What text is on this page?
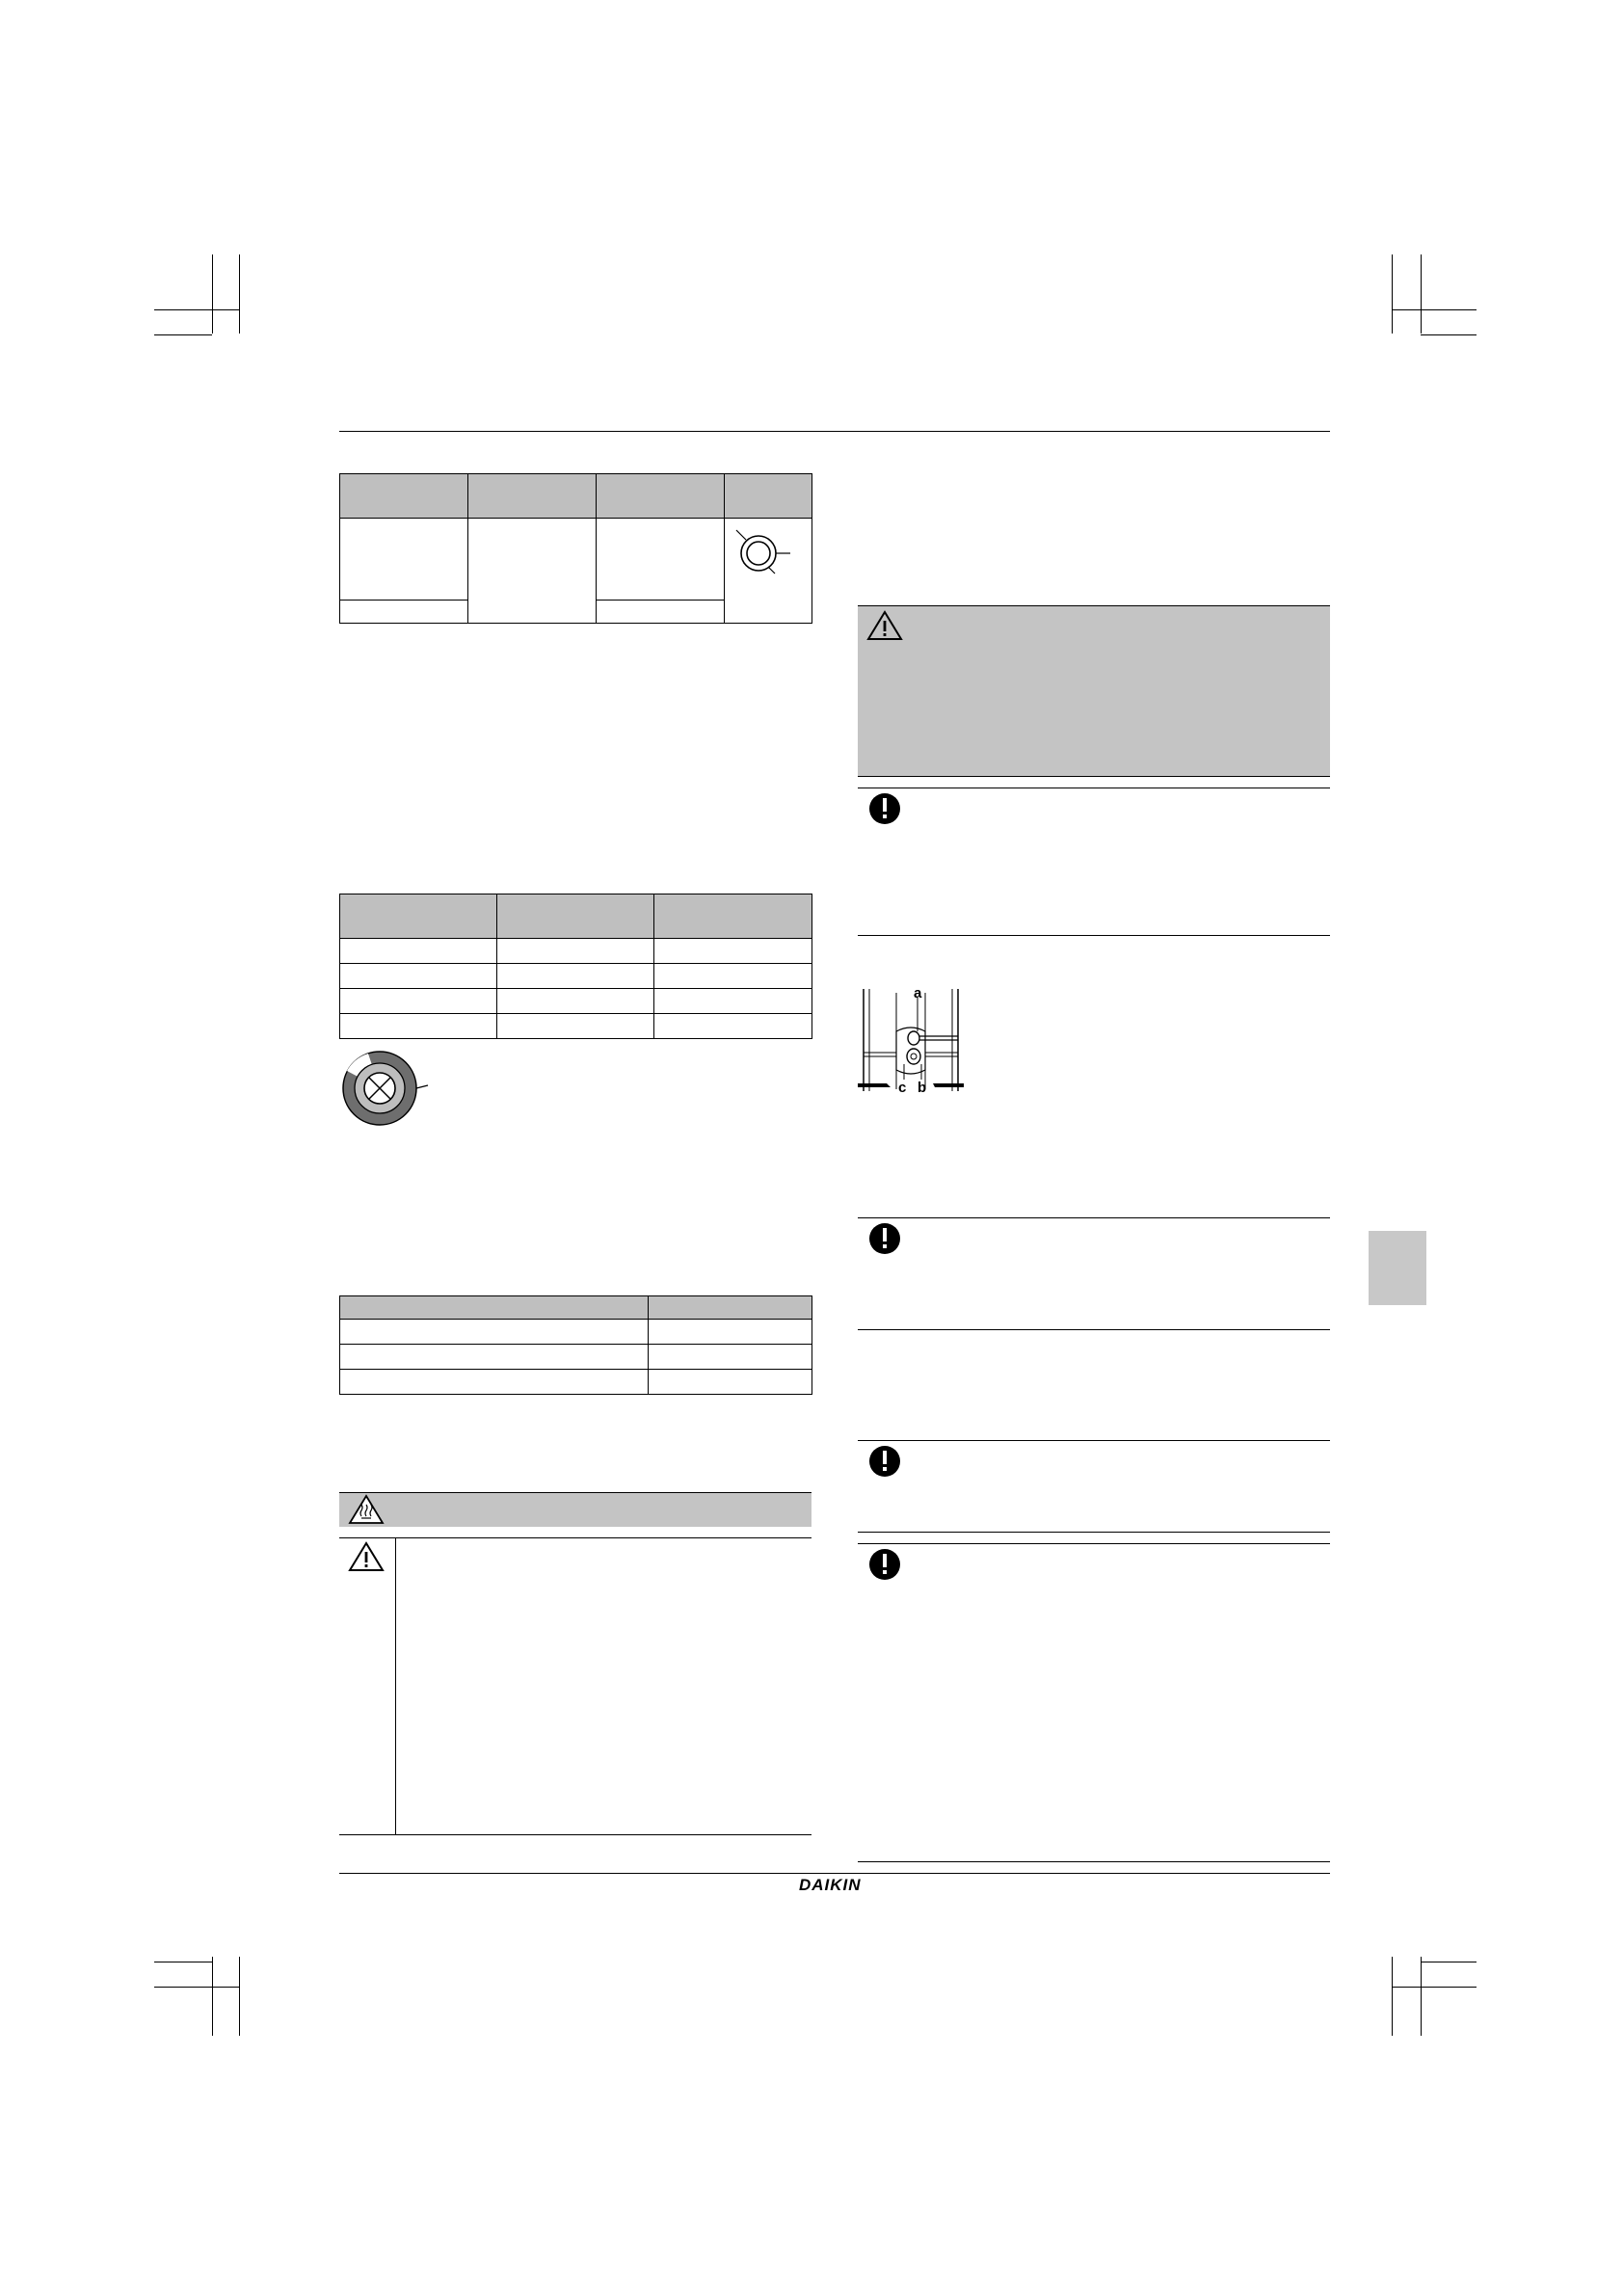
a
c b
DAIKIN
